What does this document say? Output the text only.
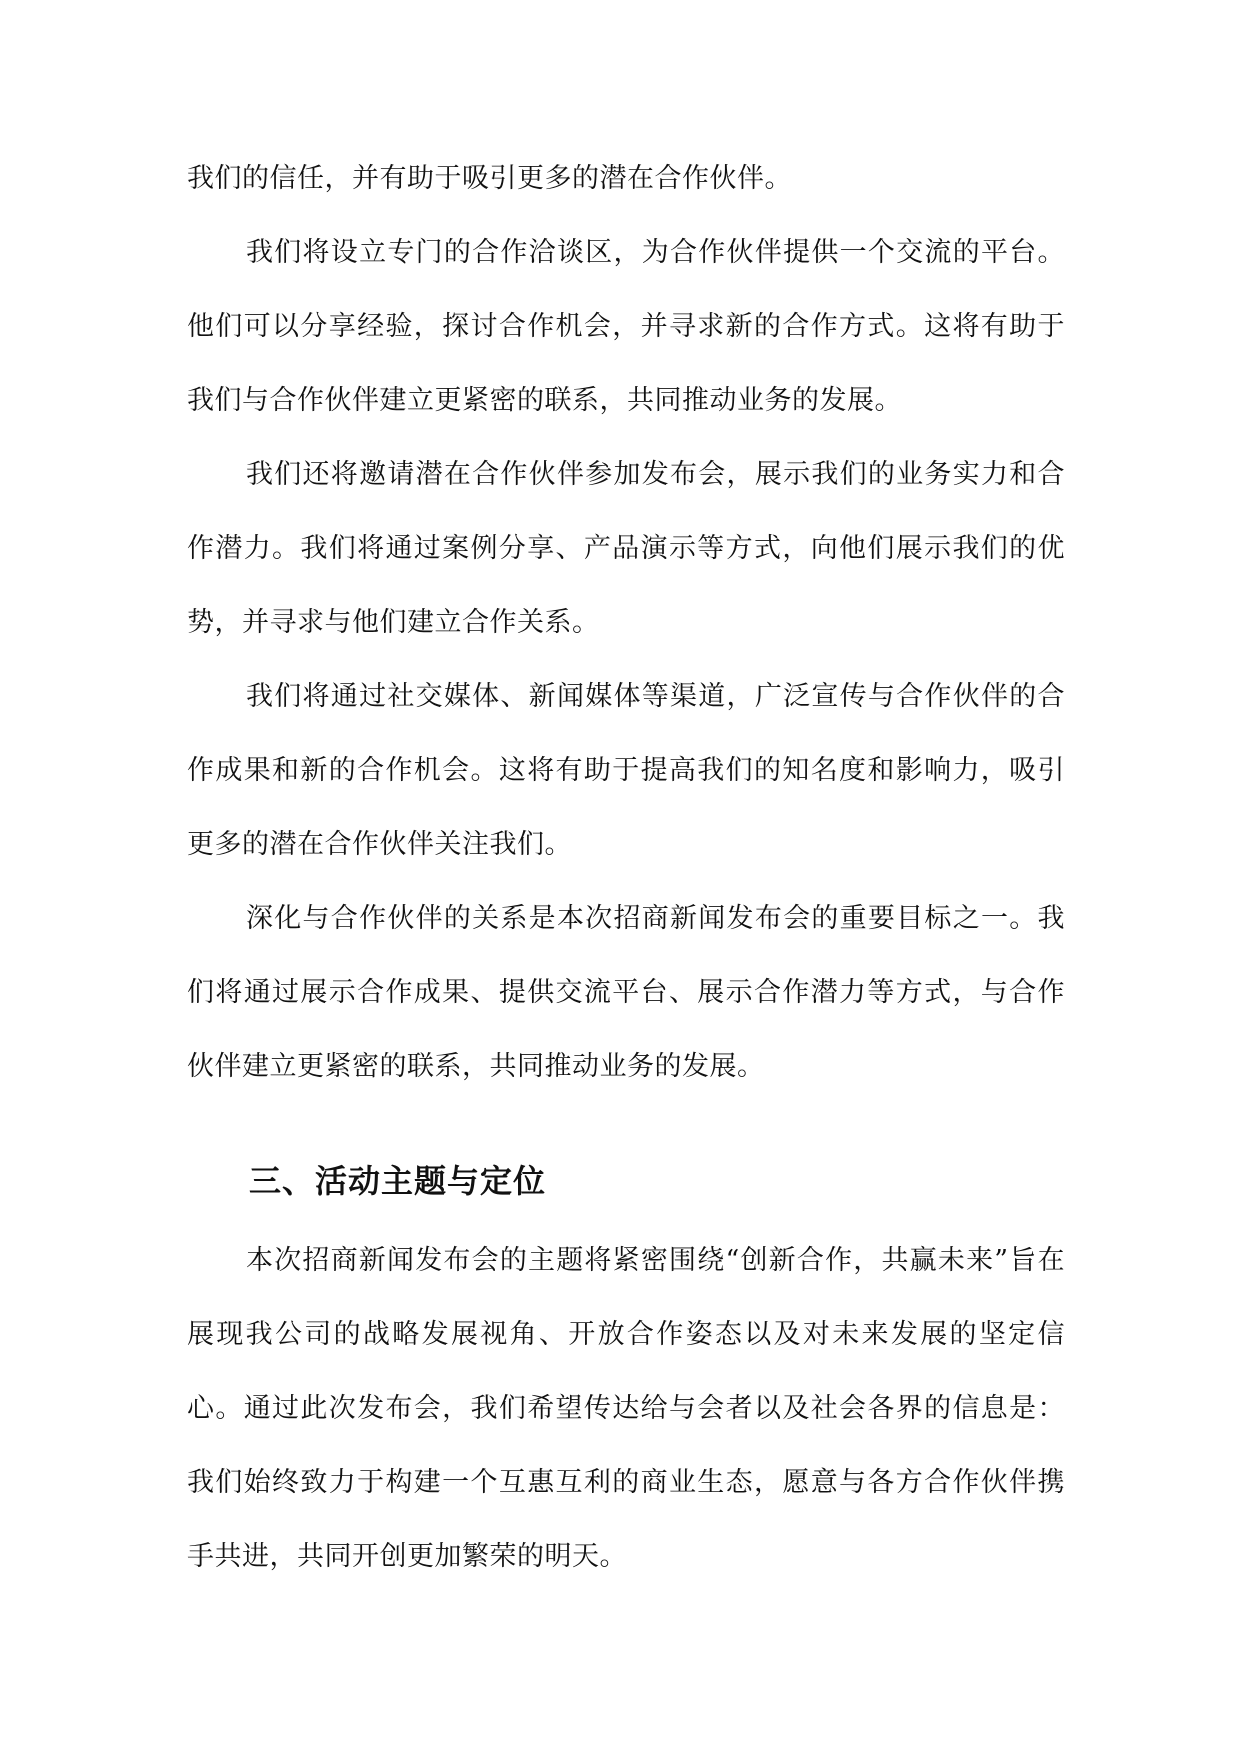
我们的信任，并有助于吸引更多的潜在合作伙伴。

我们将设立专门的合作洽谈区，为合作伙伴提供一个交流的平台。他们可以分享经验，探讨合作机会，并寻求新的合作方式。这将有助于我们与合作伙伴建立更紧密的联系，共同推动业务的发展。

我们还将邀请潜在合作伙伴参加发布会，展示我们的业务实力和合作潜力。我们将通过案例分享、产品演示等方式，向他们展示我们的优势，并寻求与他们建立合作关系。

我们将通过社交媒体、新闻媒体等渠道，广泛宣传与合作伙伴的合作成果和新的合作机会。这将有助于提高我们的知名度和影响力，吸引更多的潜在合作伙伴关注我们。

深化与合作伙伴的关系是本次招商新闻发布会的重要目标之一。我们将通过展示合作成果、提供交流平台、展示合作潜力等方式，与合作伙伴建立更紧密的联系，共同推动业务的发展。

三、活动主题与定位

本次招商新闻发布会的主题将紧密围绕“创新合作，共赢未来”旨在展现我公司的战略发展视角、开放合作姿态以及对未来发展的坚定信心。通过此次发布会，我们希望传达给与会者以及社会各界的信息是：我们始终致力于构建一个互惠互利的商业生态，愿意与各方合作伙伴携手共进，共同开创更加繁荣的明天。
